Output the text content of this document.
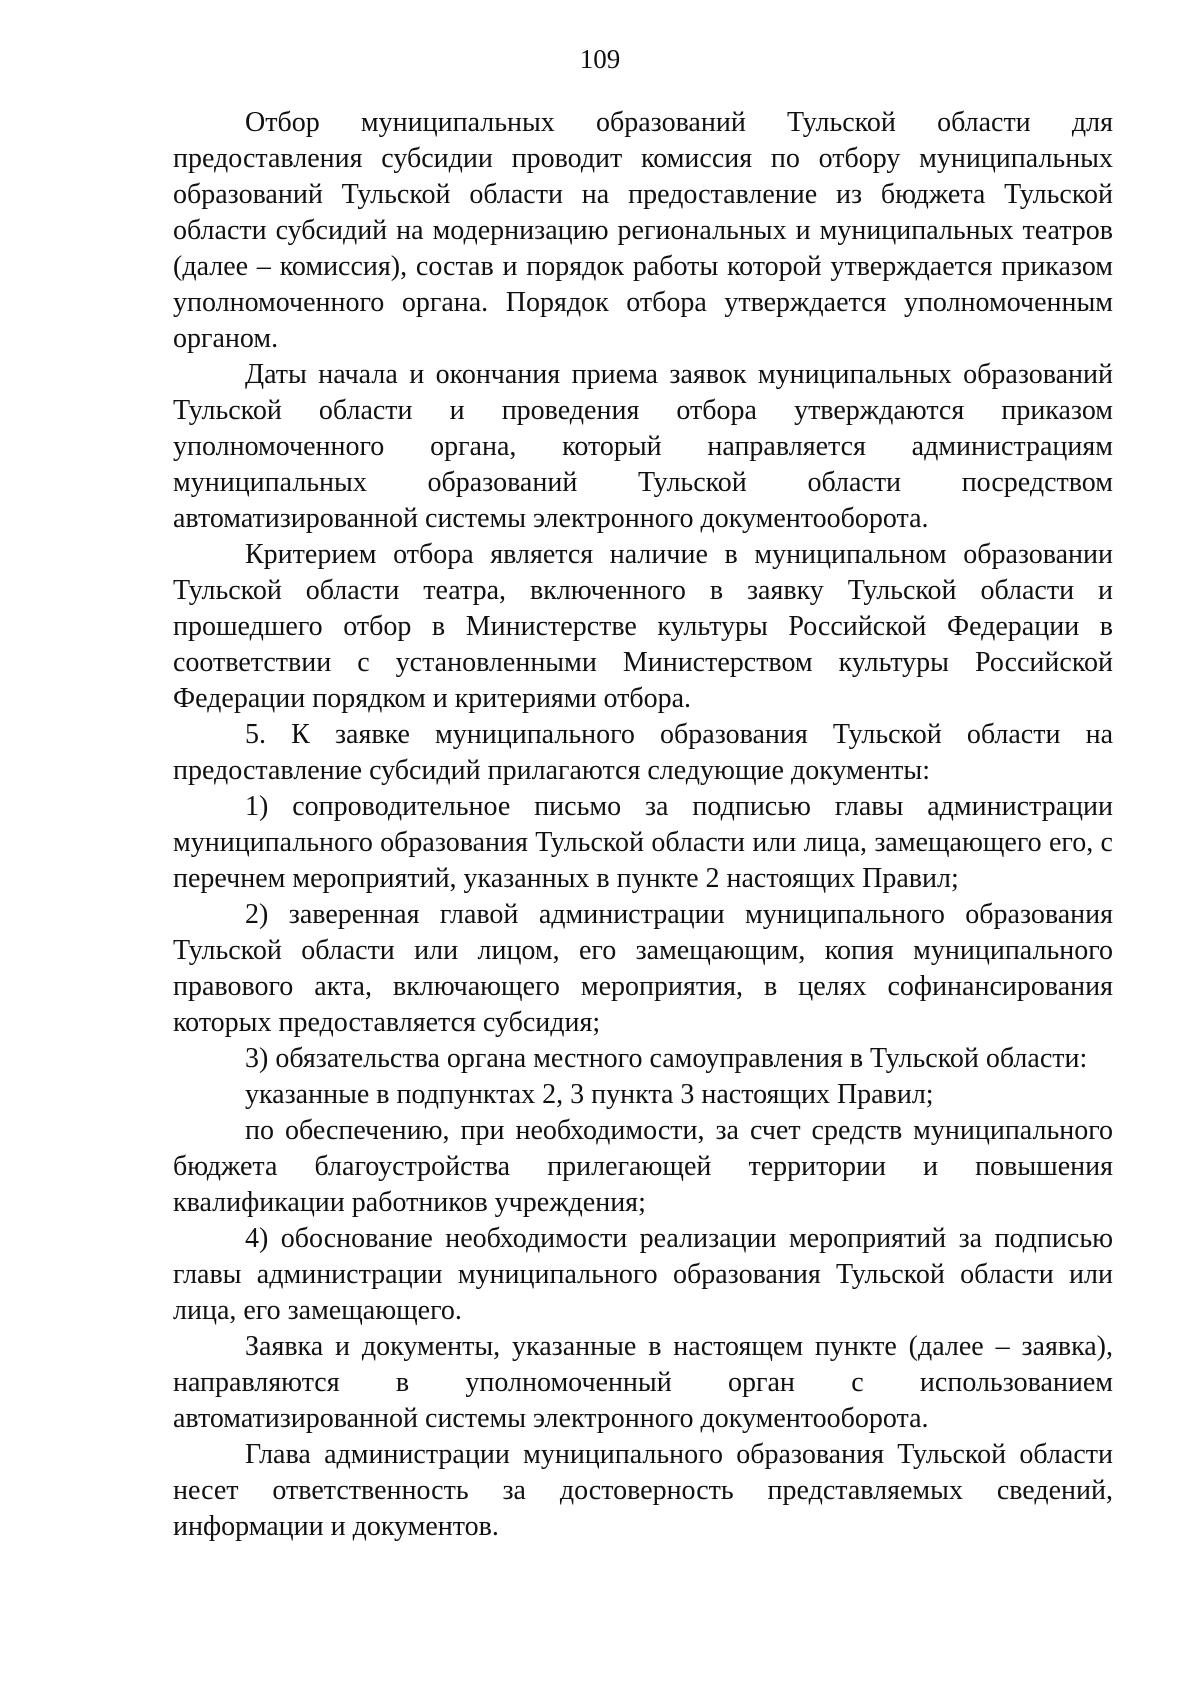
109

Отбор муниципальных образований Тульской области для предоставления субсидии проводит комиссия по отбору муниципальных образований Тульской области на предоставление из бюджета Тульской области субсидий на модернизацию региональных и муниципальных театров (далее – комиссия), состав и порядок работы которой утверждается приказом уполномоченного органа. Порядок отбора утверждается уполномоченным органом.

Даты начала и окончания приема заявок муниципальных образований Тульской области и проведения отбора утверждаются приказом уполномоченного органа, который направляется администрациям муниципальных образований Тульской области посредством автоматизированной системы электронного документооборота.

Критерием отбора является наличие в муниципальном образовании Тульской области театра, включенного в заявку Тульской области и прошедшего отбор в Министерстве культуры Российской Федерации в соответствии с установленными Министерством культуры Российской Федерации порядком и критериями отбора.

5. К заявке муниципального образования Тульской области на предоставление субсидий прилагаются следующие документы:

1) сопроводительное письмо за подписью главы администрации муниципального образования Тульской области или лица, замещающего его, с перечнем мероприятий, указанных в пункте 2 настоящих Правил;

2) заверенная главой администрации муниципального образования Тульской области или лицом, его замещающим, копия муниципального правового акта, включающего мероприятия, в целях софинансирования которых предоставляется субсидия;

3) обязательства органа местного самоуправления в Тульской области:

указанные в подпунктах 2, 3 пункта 3 настоящих Правил;

по обеспечению, при необходимости, за счет средств муниципального бюджета благоустройства прилегающей территории и повышения квалификации работников учреждения;

4) обоснование необходимости реализации мероприятий за подписью главы администрации муниципального образования Тульской области или лица, его замещающего.

Заявка и документы, указанные в настоящем пункте (далее – заявка), направляются в уполномоченный орган с использованием автоматизированной системы электронного документооборота.

Глава администрации муниципального образования Тульской области несет ответственность за достоверность представляемых сведений, информации и документов.
